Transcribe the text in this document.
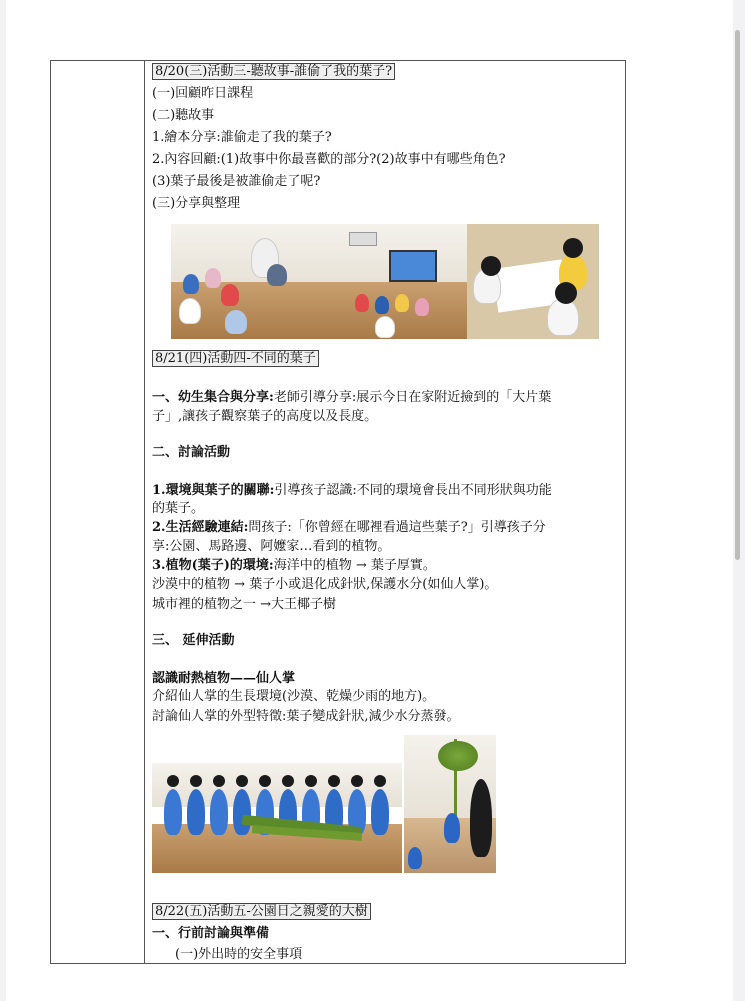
8/20(三)活動三-聽故事-誰偷了我的葉子?
(一)回顧昨日課程
(二)聽故事
1.繪本分享:誰偷走了我的葉子?
2.內容回顧:(1)故事中你最喜歡的部分?(2)故事中有哪些角色?
(3)葉子最後是被誰偷走了呢?
(三)分享與整理
8/21(四)活動四-不同的葉子
一、幼生集合與分享:老師引導分享:展示今日在家附近撿到的「大片葉
子」,讓孩子觀察葉子的高度以及長度。
二、討論活動
1.環境與葉子的關聯:引導孩子認識:不同的環境會長出不同形狀與功能
的葉子。
2.生活經驗連結:問孩子:「你曾經在哪裡看過這些葉子?」引導孩子分
享:公園、馬路邊、阿嬤家…看到的植物。
3.植物(葉子)的環境:海洋中的植物 → 葉子厚實。
沙漠中的植物 → 葉子小或退化成針狀,保護水分(如仙人掌)。
城市裡的植物之一 →大王椰子樹
三、 延伸活動
認識耐熱植物——仙人掌
介紹仙人掌的生長環境(沙漠、乾燥少雨的地方)。
討論仙人掌的外型特徵:葉子變成針狀,減少水分蒸發。
8/22(五)活動五-公園日之親愛的大樹
一、行前討論與準備
(一)外出時的安全事項
